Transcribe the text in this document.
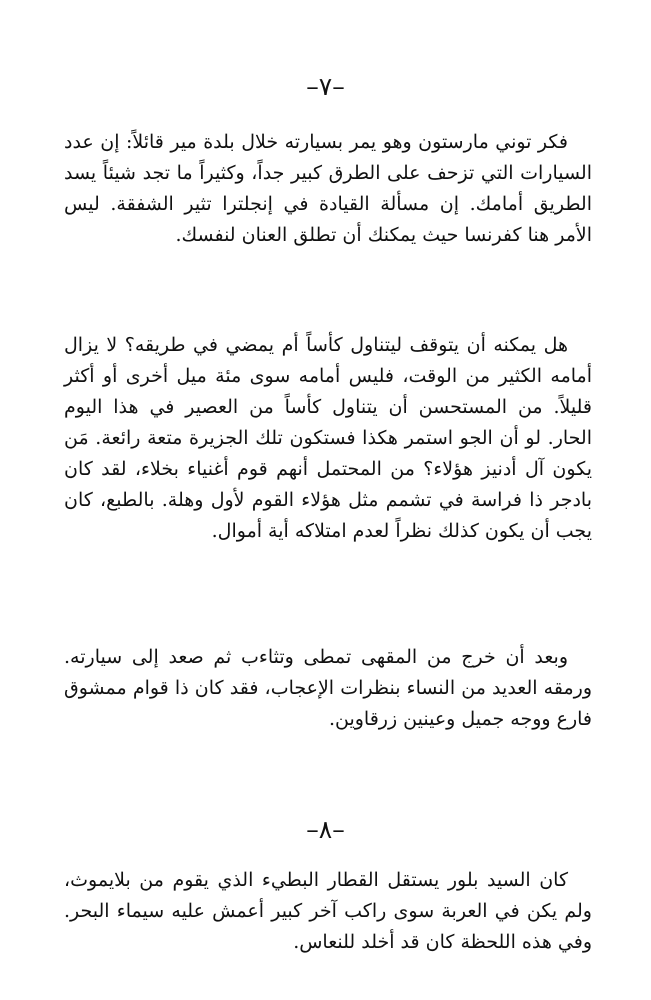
–٧–

فكر توني مارستون وهو يمر بسيارته خلال بلدة مير قائلاً: إن عدد السيارات التي تزحف على الطرق كبير جداً، وكثيراً ما تجد شيئاً يسد الطريق أمامك. إن مسألة القيادة في إنجلترا تثير الشفقة. ليس الأمر هنا كفرنسا حيث يمكنك أن تطلق العنان لنفسك.

هل يمكنه أن يتوقف ليتناول كأساً أم يمضي في طريقه؟ لا يزال أمامه الكثير من الوقت، فليس أمامه سوى مئة ميل أخرى أو أكثر قليلاً. من المستحسن أن يتناول كأساً من العصير في هذا اليوم الحار. لو أن الجو استمر هكذا فستكون تلك الجزيرة متعة رائعة. مَن يكون آل أدنيز هؤلاء؟ من المحتمل أنهم قوم أغنياء بخلاء، لقد كان بادجر ذا فراسة في تشمم مثل هؤلاء القوم لأول وهلة. بالطبع، كان يجب أن يكون كذلك نظراً لعدم امتلاكه أية أموال.

وبعد أن خرج من المقهى تمطى وتثاءب ثم صعد إلى سيارته. ورمقه العديد من النساء بنظرات الإعجاب، فقد كان ذا قوام ممشوق فارع ووجه جميل وعينين زرقاوين.

–٨–

كان السيد بلور يستقل القطار البطيء الذي يقوم من بلايموث، ولم يكن في العربة سوى راكب آخر كبير أعمش عليه سيماء البحر. وفي هذه اللحظة كان قد أخلد للنعاس.
